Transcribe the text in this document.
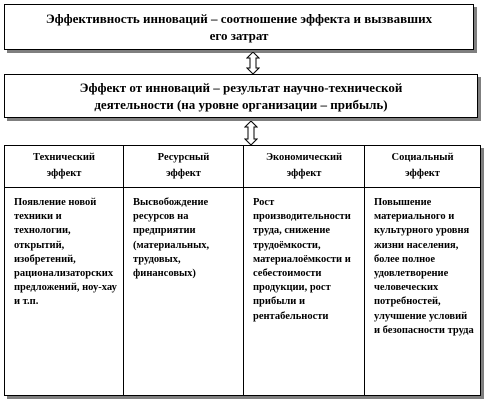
Эффективность инноваций – соотношение эффекта и вызвавших
его затрат
Эффект от инноваций – результат научно-технической
деятельности (на уровне организации – прибыль)
Технический
эффект
Появление новой техники и технологии, открытий, изобретений, рационализаторских предложений, ноу-хау и т.п.
Ресурсный
эффект
Высвобождение ресурсов на предприятии (материальных, трудовых, финансовых)
Экономический
эффект
Рост производительности труда, снижение трудоёмкости, материалоёмкости и себестоимости продукции, рост прибыли и рентабельности
Социальный
эффект
Повышение материального и культурного уровня жизни населения, более полное удовлетворение человеческих потребностей, улучшение условий и безопасности труда
